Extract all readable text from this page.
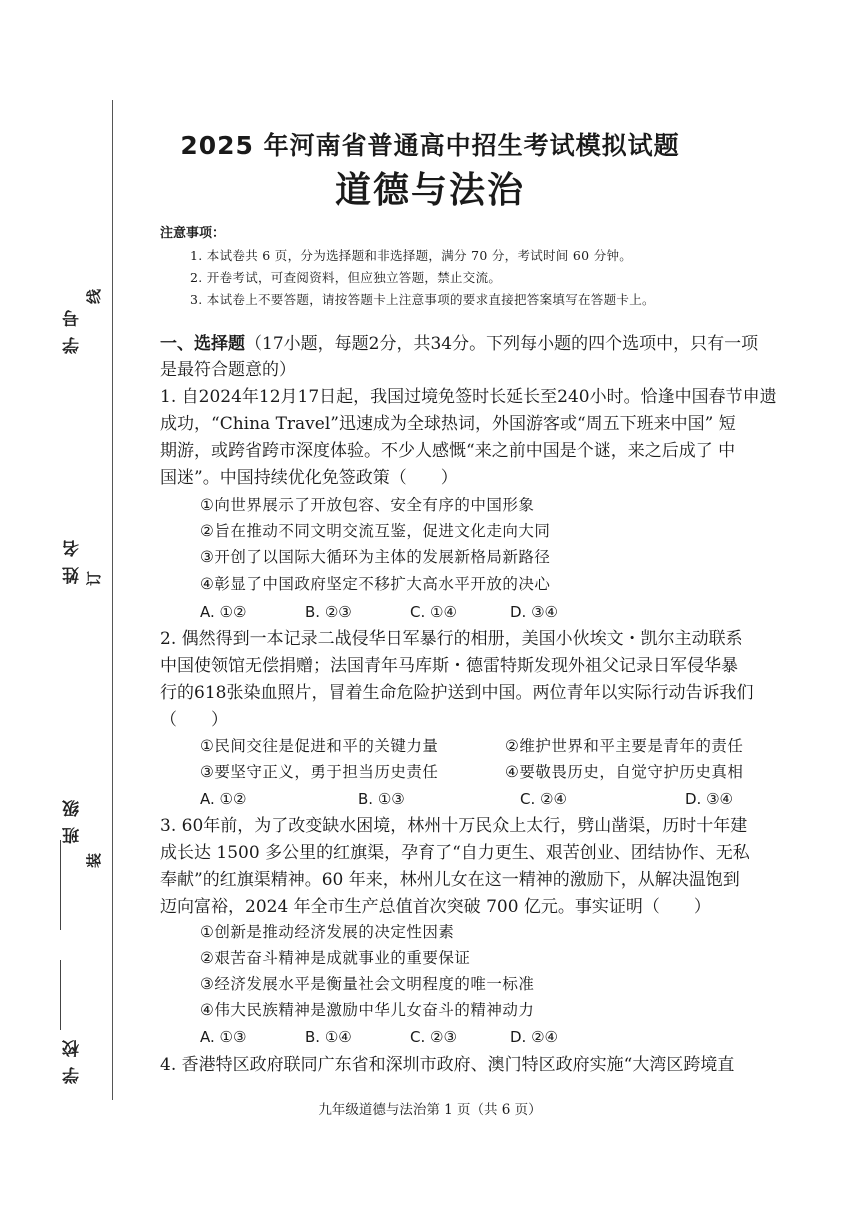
学号
姓名
班级
学校
线
订
装
2025 年河南省普通高中招生考试模拟试题
道德与法治
注意事项：
1. 本试卷共 6 页，分为选择题和非选择题，满分 70 分，考试时间 60 分钟。
2. 开卷考试，可查阅资料，但应独立答题，禁止交流。
3. 本试卷上不要答题，请按答题卡上注意事项的要求直接把答案填写在答题卡上。
一、选择题（17小题，每题2分，共34分。下列每小题的四个选项中，只有一项
是最符合题意的）
1. 自2024年12月17日起，我国过境免签时长延长至240小时。恰逢中国春节申遗
成功，“China Travel”迅速成为全球热词，外国游客或“周五下班来中国” 短
期游，或跨省跨市深度体验。不少人感慨“来之前中国是个谜，来之后成了 中
国迷”。中国持续优化免签政策（　　）
①向世界展示了开放包容、安全有序的中国形象
②旨在推动不同文明交流互鉴，促进文化走向大同
③开创了以国际大循环为主体的发展新格局新路径
④彰显了中国政府坚定不移扩大高水平开放的决心
A. ①②	B. ②③	C. ①④	D. ③④
2. 偶然得到一本记录二战侵华日军暴行的相册，美国小伙埃文・凯尔主动联系
中国使领馆无偿捐赠；法国青年马库斯・德雷特斯发现外祖父记录日军侵华暴
行的618张染血照片，冒着生命危险护送到中国。两位青年以实际行动告诉我们
（　　）
①民间交往是促进和平的关键力量	②维护世界和平主要是青年的责任
③要坚守正义，勇于担当历史责任	④要敬畏历史，自觉守护历史真相
A. ①②	B. ①③	C. ②④	D. ③④
3. 60年前，为了改变缺水困境，林州十万民众上太行，劈山凿渠，历时十年建
成长达 1500 多公里的红旗渠，孕育了“自力更生、艰苦创业、团结协作、无私
奉献”的红旗渠精神。60 年来，林州儿女在这一精神的激励下，从解决温饱到
迈向富裕，2024 年全市生产总值首次突破 700 亿元。事实证明（　　）
①创新是推动经济发展的决定性因素
②艰苦奋斗精神是成就事业的重要保证
③经济发展水平是衡量社会文明程度的唯一标准
④伟大民族精神是激励中华儿女奋斗的精神动力
A. ①③	B. ①④	C. ②③	D. ②④
4. 香港特区政府联同广东省和深圳市政府、澳门特区政府实施“大湾区跨境直
九年级道德与法治第 1 页（共 6 页）
